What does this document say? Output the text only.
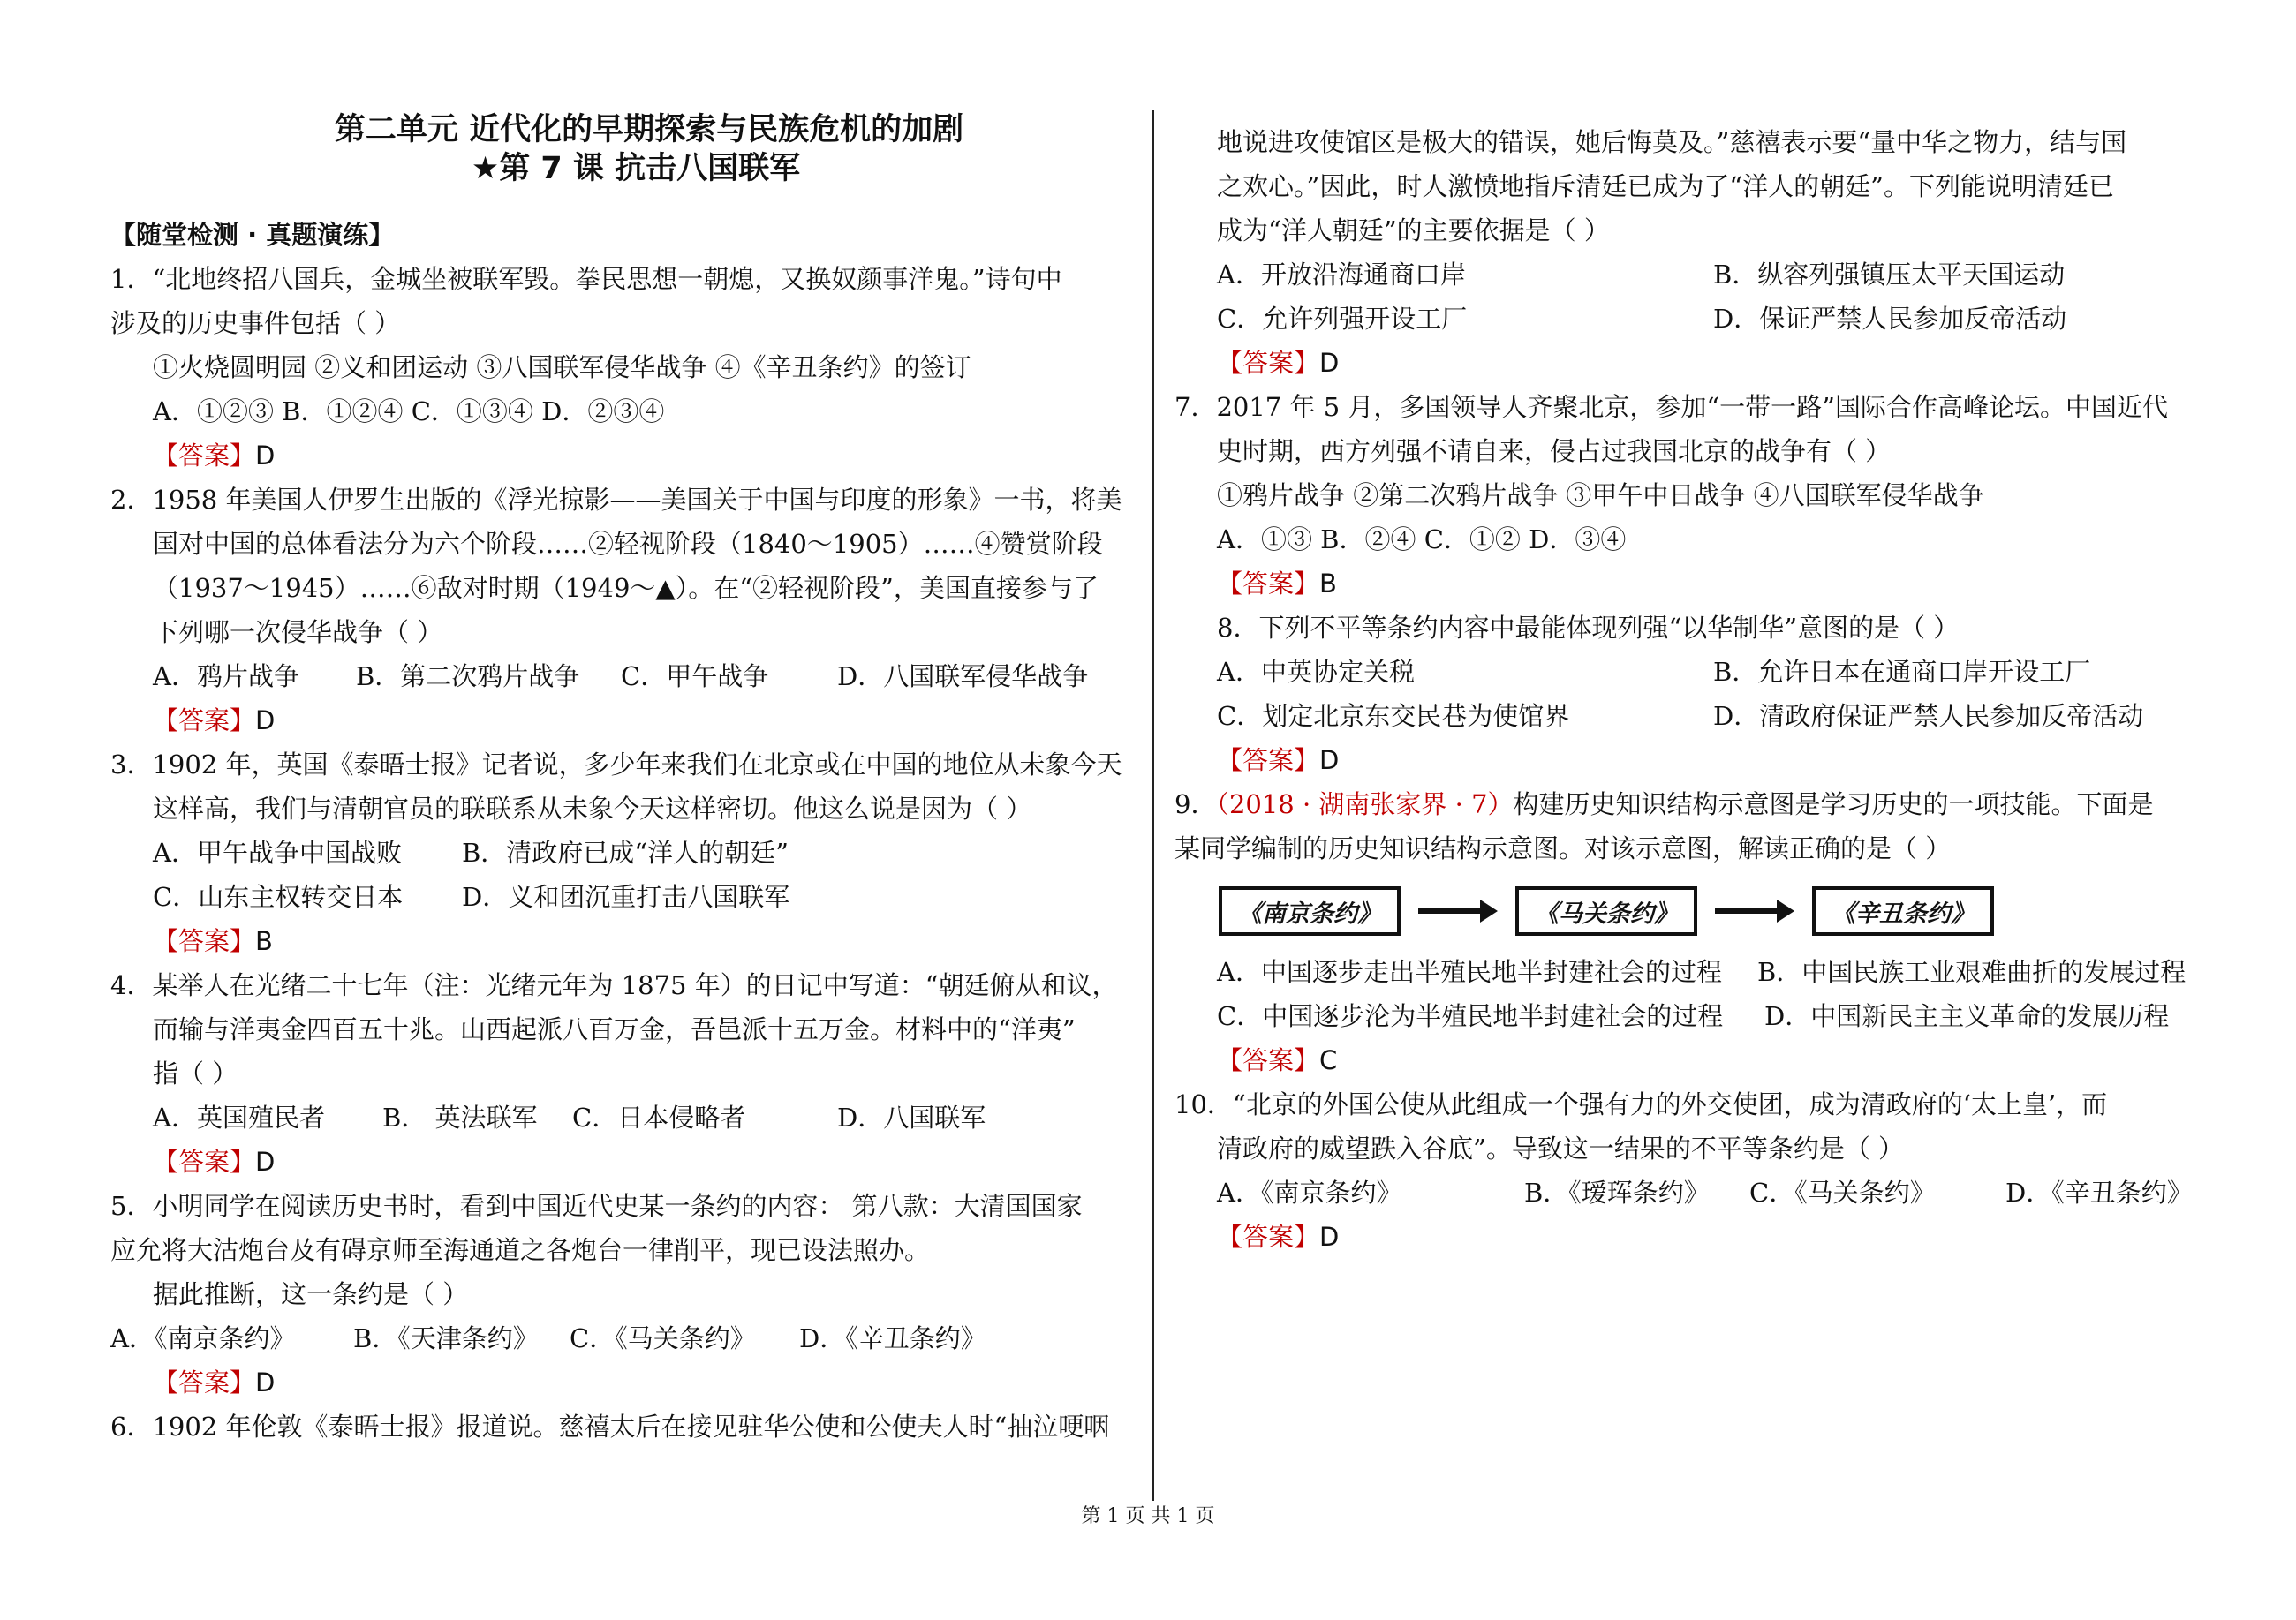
第二单元 近代化的早期探索与民族危机的加剧
★第 7 课 抗击八国联军
【随堂检测 · 真题演练】
1．“北地终招八国兵，金城坐被联军毁。拳民思想一朝熄，又换奴颜事洋鬼。”诗句中
涉及的历史事件包括（ ）
①火烧圆明园 ②义和团运动 ③八国联军侵华战争 ④《辛丑条约》的签订
A．①②③ B．①②④ C．①③④ D．②③④
【答案】D
2．1958 年美国人伊罗生出版的《浮光掠影——美国关于中国与印度的形象》一书，将美
国对中国的总体看法分为六个阶段……②轻视阶段（1840～1905）……④赞赏阶段
（1937～1945）……⑥敌对时期（1949～▲）。在“②轻视阶段”，美国直接参与了
下列哪一次侵华战争（ ）
A．鸦片战争 B．第二次鸦片战争 C．甲午战争	D．八国联军侵华战争
【答案】D
3．1902 年，英国《泰晤士报》记者说，多少年来我们在北京或在中国的地位从未象今天
这样高，我们与清朝官员的联联系从未象今天这样密切。他这么说是因为（ ）
A．甲午战争中国战败 B．清政府已成“洋人的朝廷”
C．山东主权转交日本 D．义和团沉重打击八国联军
【答案】B
4．某举人在光绪二十七年（注：光绪元年为 1875 年）的日记中写道：“朝廷俯从和议，
而输与洋夷金四百五十兆。山西起派八百万金，吾邑派十五万金。材料中的“洋夷”
指（ ）
A．英国殖民者 B． 英法联军 C．日本侵略者	D．八国联军
【答案】D
5．小明同学在阅读历史书时，看到中国近代史某一条约的内容： 第八款：大清国国家
应允将大沽炮台及有碍京师至海通道之各炮台一律削平，现已设法照办。
据此推断，这一条约是（ ）
A．《南京条约》 B．《天津条约》 C．《马关条约》 D．《辛丑条约》
【答案】D
6．1902 年伦敦《泰晤士报》报道说。慈禧太后在接见驻华公使和公使夫人时“抽泣哽咽
地说进攻使馆区是极大的错误，她后悔莫及。”慈禧表示要“量中华之物力，结与国
之欢心。”因此，时人激愤地指斥清廷已成为了“洋人的朝廷”。下列能说明清廷已
成为“洋人朝廷”的主要依据是（ ）
A．开放沿海通商口岸	B．纵容列强镇压太平天国运动
C．允许列强开设工厂	D．保证严禁人民参加反帝活动
【答案】D
7．2017 年 5 月，多国领导人齐聚北京，参加“一带一路”国际合作高峰论坛。中国近代
史时期，西方列强不请自来，侵占过我国北京的战争有（ ）
①鸦片战争 ②第二次鸦片战争 ③甲午中日战争 ④八国联军侵华战争
A．①③ B．②④ C．①② D．③④
【答案】B
8．下列不平等条约内容中最能体现列强“以华制华”意图的是（ ）
A．中英协定关税	B．允许日本在通商口岸开设工厂
C．划定北京东交民巷为使馆界	D．清政府保证严禁人民参加反帝活动
【答案】D
9．（2018 · 湖南张家界 · 7）构建历史知识结构示意图是学习历史的一项技能。下面是
某同学编制的历史知识结构示意图。对该示意图，解读正确的是（ ）
《南京条约》	《马关条约》	《辛丑条约》
A．中国逐步走出半殖民地半封建社会的过程 B．中国民族工业艰难曲折的发展过程
C．中国逐步沦为半殖民地半封建社会的过程 D．中国新民主主义革命的发展历程
【答案】C
10．“北京的外国公使从此组成一个强有力的外交使团，成为清政府的‘太上皇’，而
清政府的威望跌入谷底”。导致这一结果的不平等条约是（ ）
A．《南京条约》	B．《瑷珲条约》 C．《马关条约》	D．《辛丑条约》
【答案】D
第 1 页 共 1 页
